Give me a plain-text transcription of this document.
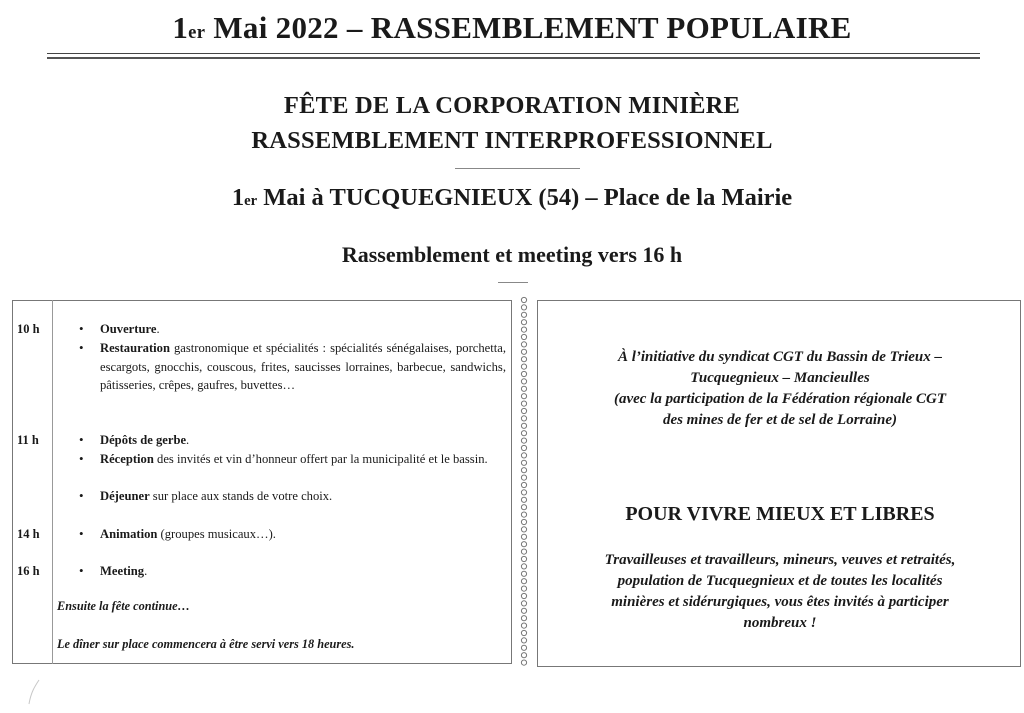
1er Mai 2022 – RASSEMBLEMENT POPULAIRE
FÊTE DE LA CORPORATION MINIÈRE
RASSEMBLEMENT INTERPROFESSIONNEL
1er Mai à TUCQUEGNIEUX (54) – Place de la Mairie
Rassemblement et meeting vers 16 h
10 h
11 h
14 h
16 h
•
•
•
•
•
•
•
Ouverture.
Restauration gastronomique et spécialités : spécialités sénégalaises, porchetta, escargots, gnocchis, couscous, frites, saucisses lorraines, barbecue, sandwichs, pâtisseries, crêpes, gaufres, buvettes…
Dépôts de gerbe.
Réception des invités et vin d’honneur offert par la municipalité et le bassin.
Déjeuner sur place aux stands de votre choix.
Animation (groupes musicaux…).
Meeting.
Ensuite la fête continue…
Le dîner sur place commencera à être servi vers 18 heures.
À l’initiative du syndicat CGT du Bassin de Trieux –
Tucquegnieux – Mancieulles
(avec la participation de la Fédération régionale CGT
des mines de fer et de sel de Lorraine)
POUR VIVRE MIEUX ET LIBRES
Travailleuses et travailleurs, mineurs, veuves et retraités,
population de Tucquegnieux et de toutes les localités
minières et sidérurgiques, vous êtes invités à participer
nombreux !
